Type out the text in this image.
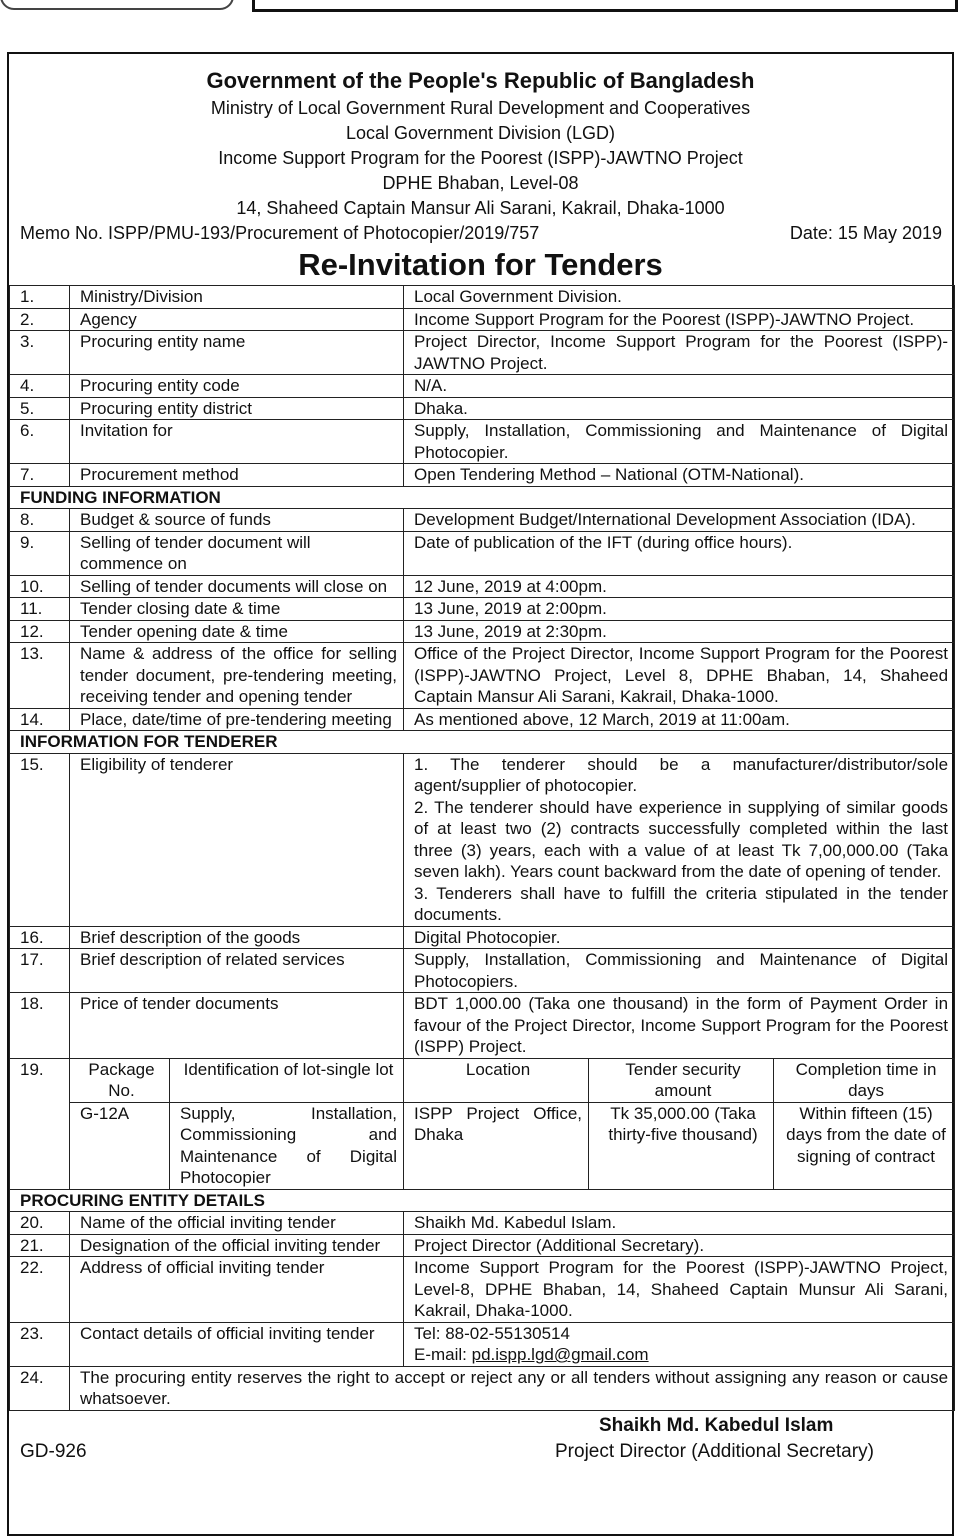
Government of the People's Republic of Bangladesh
Ministry of Local Government Rural Development and Cooperatives
Local Government Division (LGD)
Income Support Program for the Poorest (ISPP)-JAWTNO Project
DPHE Bhaban, Level-08
14, Shaheed Captain Mansur Ali Sarani, Kakrail, Dhaka-1000
Memo No. ISPP/PMU-193/Procurement of Photocopier/2019/757	Date: 15 May 2019
Re-Invitation for Tenders
1.	Ministry/Division		Local Government Division.		
2.	Agency		Income Support Program for the Poorest (ISPP)-JAWTNO Project.		
3.	Procuring entity name		Project Director, Income Support Program for the Poorest (ISPP)-JAWTNO Project.		
4.	Procuring entity code		N/A.		
5.	Procuring entity district		Dhaka.		
6.	Invitation for		Supply, Installation, Commissioning and Maintenance of Digital Photocopier.		
7.	Procurement method		Open Tendering Method – National (OTM-National).		
FUNDING INFORMATION					
8.	Budget & source of funds		Development Budget/International Development Association (IDA).		
9.	Selling of tender document will commence on		Date of publication of the IFT (during office hours).		
10.	Selling of tender documents will close on		12 June, 2019 at 4:00pm.		
11.	Tender closing date & time		13 June, 2019 at 2:00pm.		
12.	Tender opening date & time		13 June, 2019 at 2:30pm.		
13.	Name & address of the office for selling tender document, pre-tendering meeting, receiving tender and opening tender		Office of the Project Director, Income Support Program for the Poorest (ISPP)-JAWTNO Project, Level 8, DPHE Bhaban, 14, Shaheed Captain Mansur Ali Sarani, Kakrail, Dhaka-1000.		
14.	Place, date/time of pre-tendering meeting		As mentioned above, 12 March, 2019 at 11:00am.		
INFORMATION FOR TENDERER					
15.	Eligibility of tenderer		1. The tenderer should be a manufacturer/distributor/sole agent/supplier of photocopier.
2. The tenderer should have experience in supplying of similar goods of at least two (2) contracts successfully completed within the last three (3) years, each with a value of at least Tk 7,00,000.00 (Taka seven lakh). Years count backward from the date of opening of tender.
3. Tenderers shall have to fulfill the criteria stipulated in the tender documents.		

16.	Brief description of the goods		Digital Photocopier.		
17.	Brief description of related services		Supply, Installation, Commissioning and Maintenance of Digital Photocopiers.		
18.	Price of tender documents		BDT 1,000.00 (Taka one thousand) in the form of Payment Order in favour of the Project Director, Income Support Program for the Poorest (ISPP) Project.		
19.	Package No.	Identification of lot-single lot	Location	Tender security amount	Completion time in days
	G-12A	Supply, Installation, Commissioning and Maintenance of Digital Photocopier	ISPP Project Office, Dhaka	Tk 35,000.00 (Taka thirty-five thousand)	Within fifteen (15) days from the date of signing of contract
PROCURING ENTITY DETAILS					
20.	Name of the official inviting tender		Shaikh Md. Kabedul Islam.		
21.	Designation of the official inviting tender		Project Director (Additional Secretary).		
22.	Address of official inviting tender		Income Support Program for the Poorest (ISPP)-JAWTNO Project, Level-8, DPHE Bhaban, 14, Shaheed Captain Munsur Ali Sarani, Kakrail, Dhaka-1000.		
23.	Contact details of official inviting tender		Tel: 88-02-55130514
E-mail: pd.ispp.lgd@gmail.com		

24.	The procuring entity reserves the right to accept or reject any or all tenders without assigning any reason or cause whatsoever.				
Shaikh Md. Kabedul Islam
Project Director (Additional Secretary)
GD-926
